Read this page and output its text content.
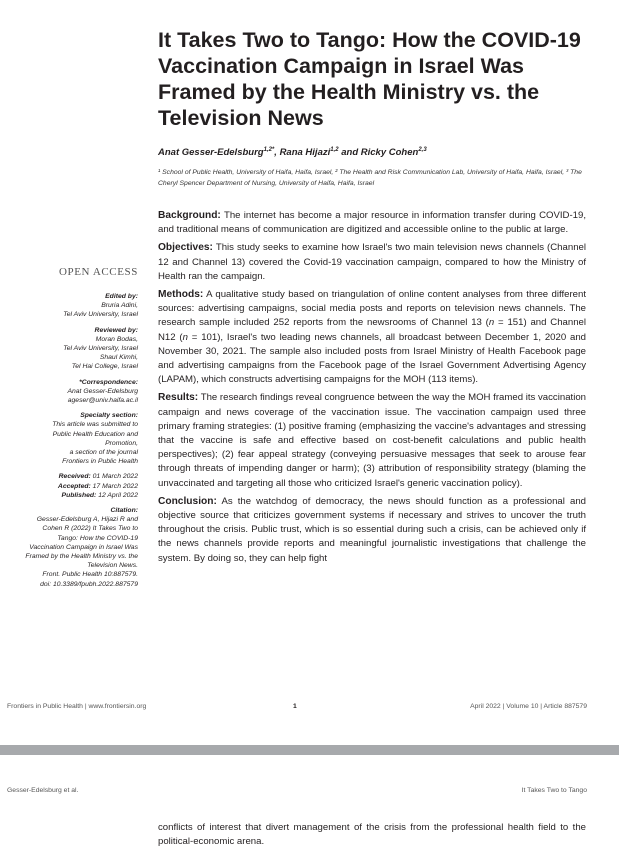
It Takes Two to Tango: How the COVID-19 Vaccination Campaign in Israel Was Framed by the Health Ministry vs. the Television News
Anat Gesser-Edelsburg$^{1,2*}$, Rana Hijazi$^{1,2}$ and Ricky Cohen$^{2,3}$
¹ School of Public Health, University of Haifa, Haifa, Israel, ² The Health and Risk Communication Lab, University of Haifa, Haifa, Israel, ³ The Cheryl Spencer Department of Nursing, University of Haifa, Haifa, Israel
OPEN ACCESS
Edited by:
Bruria Adini,
Tel Aviv University, Israel
Reviewed by:
Moran Bodas,
Tel Aviv University, Israel
Shaul Kimhi,
Tel Hai College, Israel
*Correspondence:
Anat Gesser-Edelsburg
ageser@univ.haifa.ac.il
Specialty section:
This article was submitted to
Public Health Education and
Promotion,
a section of the journal
Frontiers in Public Health
Received: 01 March 2022
Accepted: 17 March 2022
Published: 12 April 2022
Citation:
Gesser-Edelsburg A, Hijazi R and
Cohen R (2022) It Takes Two to
Tango: How the COVID-19
Vaccination Campaign in Israel Was
Framed by the Health Ministry vs. the
Television News.
Front. Public Health 10:887579.
doi: 10.3389/fpubh.2022.887579

Background: The internet has become a major resource in information transfer during COVID-19, and traditional means of communication are digitized and accessible online to the public at large.

Objectives: This study seeks to examine how Israel's two main television news channels (Channel 12 and Channel 13) covered the Covid-19 vaccination campaign, compared to how the Ministry of Health ran the campaign.

Methods: A qualitative study based on triangulation of online content analyses from three different sources: advertising campaigns, social media posts and reports on television news channels. The research sample included 252 reports from the newsrooms of Channel 13 (n = 151) and Channel N12 (n = 101), Israel's two leading news channels, all broadcast between December 1, 2020 and November 30, 2021. The sample also included posts from Israel Ministry of Health Facebook page and advertising campaigns from the Facebook page of the Israel Government Advertising Agency (LAPAM), which constructs advertising campaigns for the MOH (113 items).

Results: The research findings reveal congruence between the way the MOH framed its vaccination campaign and news coverage of the vaccination issue. The vaccination campaign used three primary framing strategies: (1) positive framing (emphasizing the vaccine's advantages and stressing that the vaccine is safe and effective based on cost-benefit calculations and public health perspectives); (2) fear appeal strategy (conveying persuasive messages that seek to arouse fear through threats of impending danger or harm); (3) attribution of responsibility strategy (blaming the unvaccinated and targeting all those who criticized Israel's generic vaccination policy).

Conclusion: As the watchdog of democracy, the news should function as a professional and objective source that criticizes government systems if necessary and strives to uncover the truth throughout the crisis. Public trust, which is so essential during such a crisis, can be achieved only if the news channels provide reports and meaningful journalistic investigations that challenge the system. By doing so, they can help fight

Frontiers in Public Health | www.frontiersin.org	1	April 2022 | Volume 10 | Article 887579
Gesser-Edelsburg et al.	It Takes Two to Tango

conflicts of interest that divert management of the crisis from the professional health field to the political-economic arena.
